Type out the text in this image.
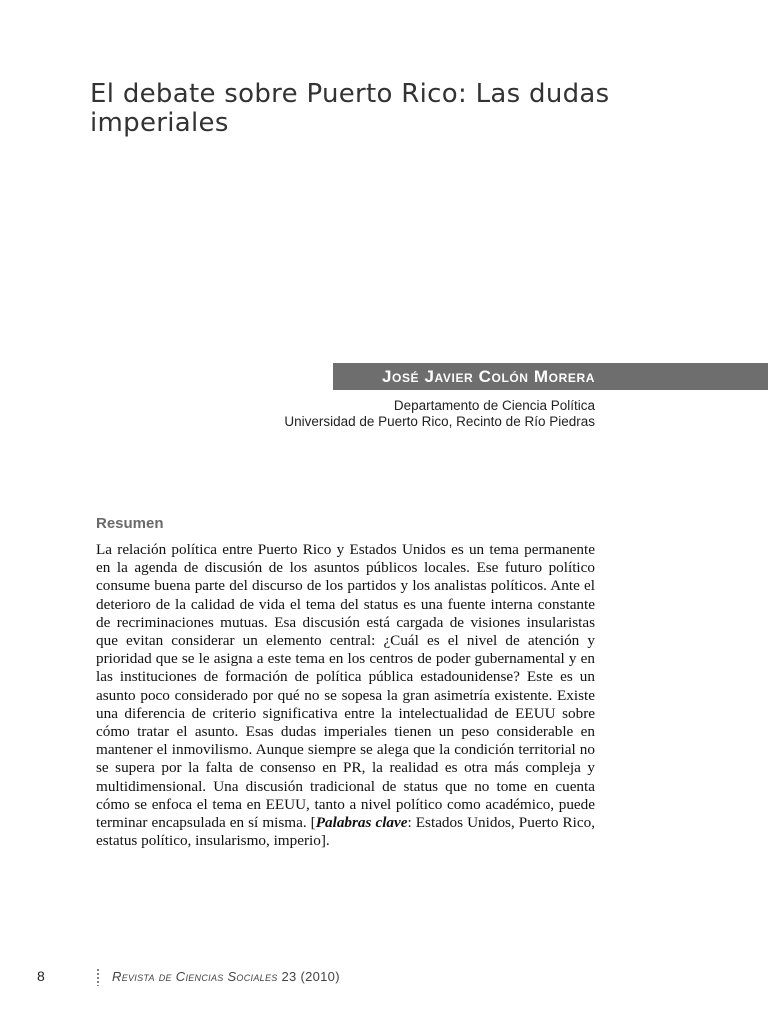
El debate sobre Puerto Rico: Las dudas imperiales
José Javier Colón Morera
Departamento de Ciencia Política
Universidad de Puerto Rico, Recinto de Río Piedras
Resumen

La relación política entre Puerto Rico y Estados Unidos es un tema permanente en la agenda de discusión de los asuntos públicos locales. Ese futuro político consume buena parte del discurso de los partidos y los analistas políticos. Ante el deterioro de la calidad de vida el tema del status es una fuente interna constante de recriminaciones mutuas. Esa discusión está cargada de visiones insularistas que evitan considerar un elemento central: ¿Cuál es el nivel de atención y prioridad que se le asigna a este tema en los centros de poder gubernamental y en las instituciones de formación de política pública estadounidense? Este es un asunto poco considerado por qué no se sopesa la gran asimetría existente. Existe una diferencia de criterio significativa entre la intelectualidad de EEUU sobre cómo tratar el asunto. Esas dudas imperiales tienen un peso considerable en mantener el inmovilismo. Aunque siempre se alega que la condición territorial no se supera por la falta de consenso en PR, la realidad es otra más compleja y multidimensional. Una discusión tradicional de status que no tome en cuenta cómo se enfoca el tema en EEUU, tanto a nivel político como académico, puede terminar encapsulada en sí misma. [Palabras clave: Estados Unidos, Puerto Rico, estatus político, insularismo, imperio].

8	Revista de Ciencias Sociales 23 (2010)
